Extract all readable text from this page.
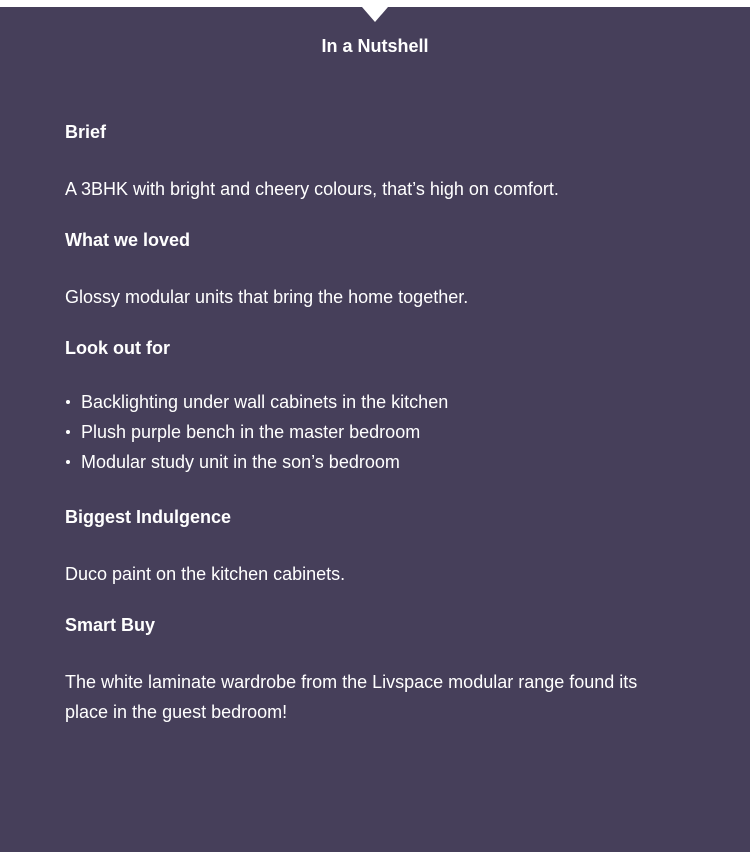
In a Nutshell

Brief

A 3BHK with bright and cheery colours, that’s high on comfort.

What we loved

Glossy modular units that bring the home together.

Look out for

Backlighting under wall cabinets in the kitchen
Plush purple bench in the master bedroom
Modular study unit in the son’s bedroom

Biggest Indulgence

Duco paint on the kitchen cabinets.

Smart Buy

The white laminate wardrobe from the Livspace modular range found its place in the guest bedroom!
